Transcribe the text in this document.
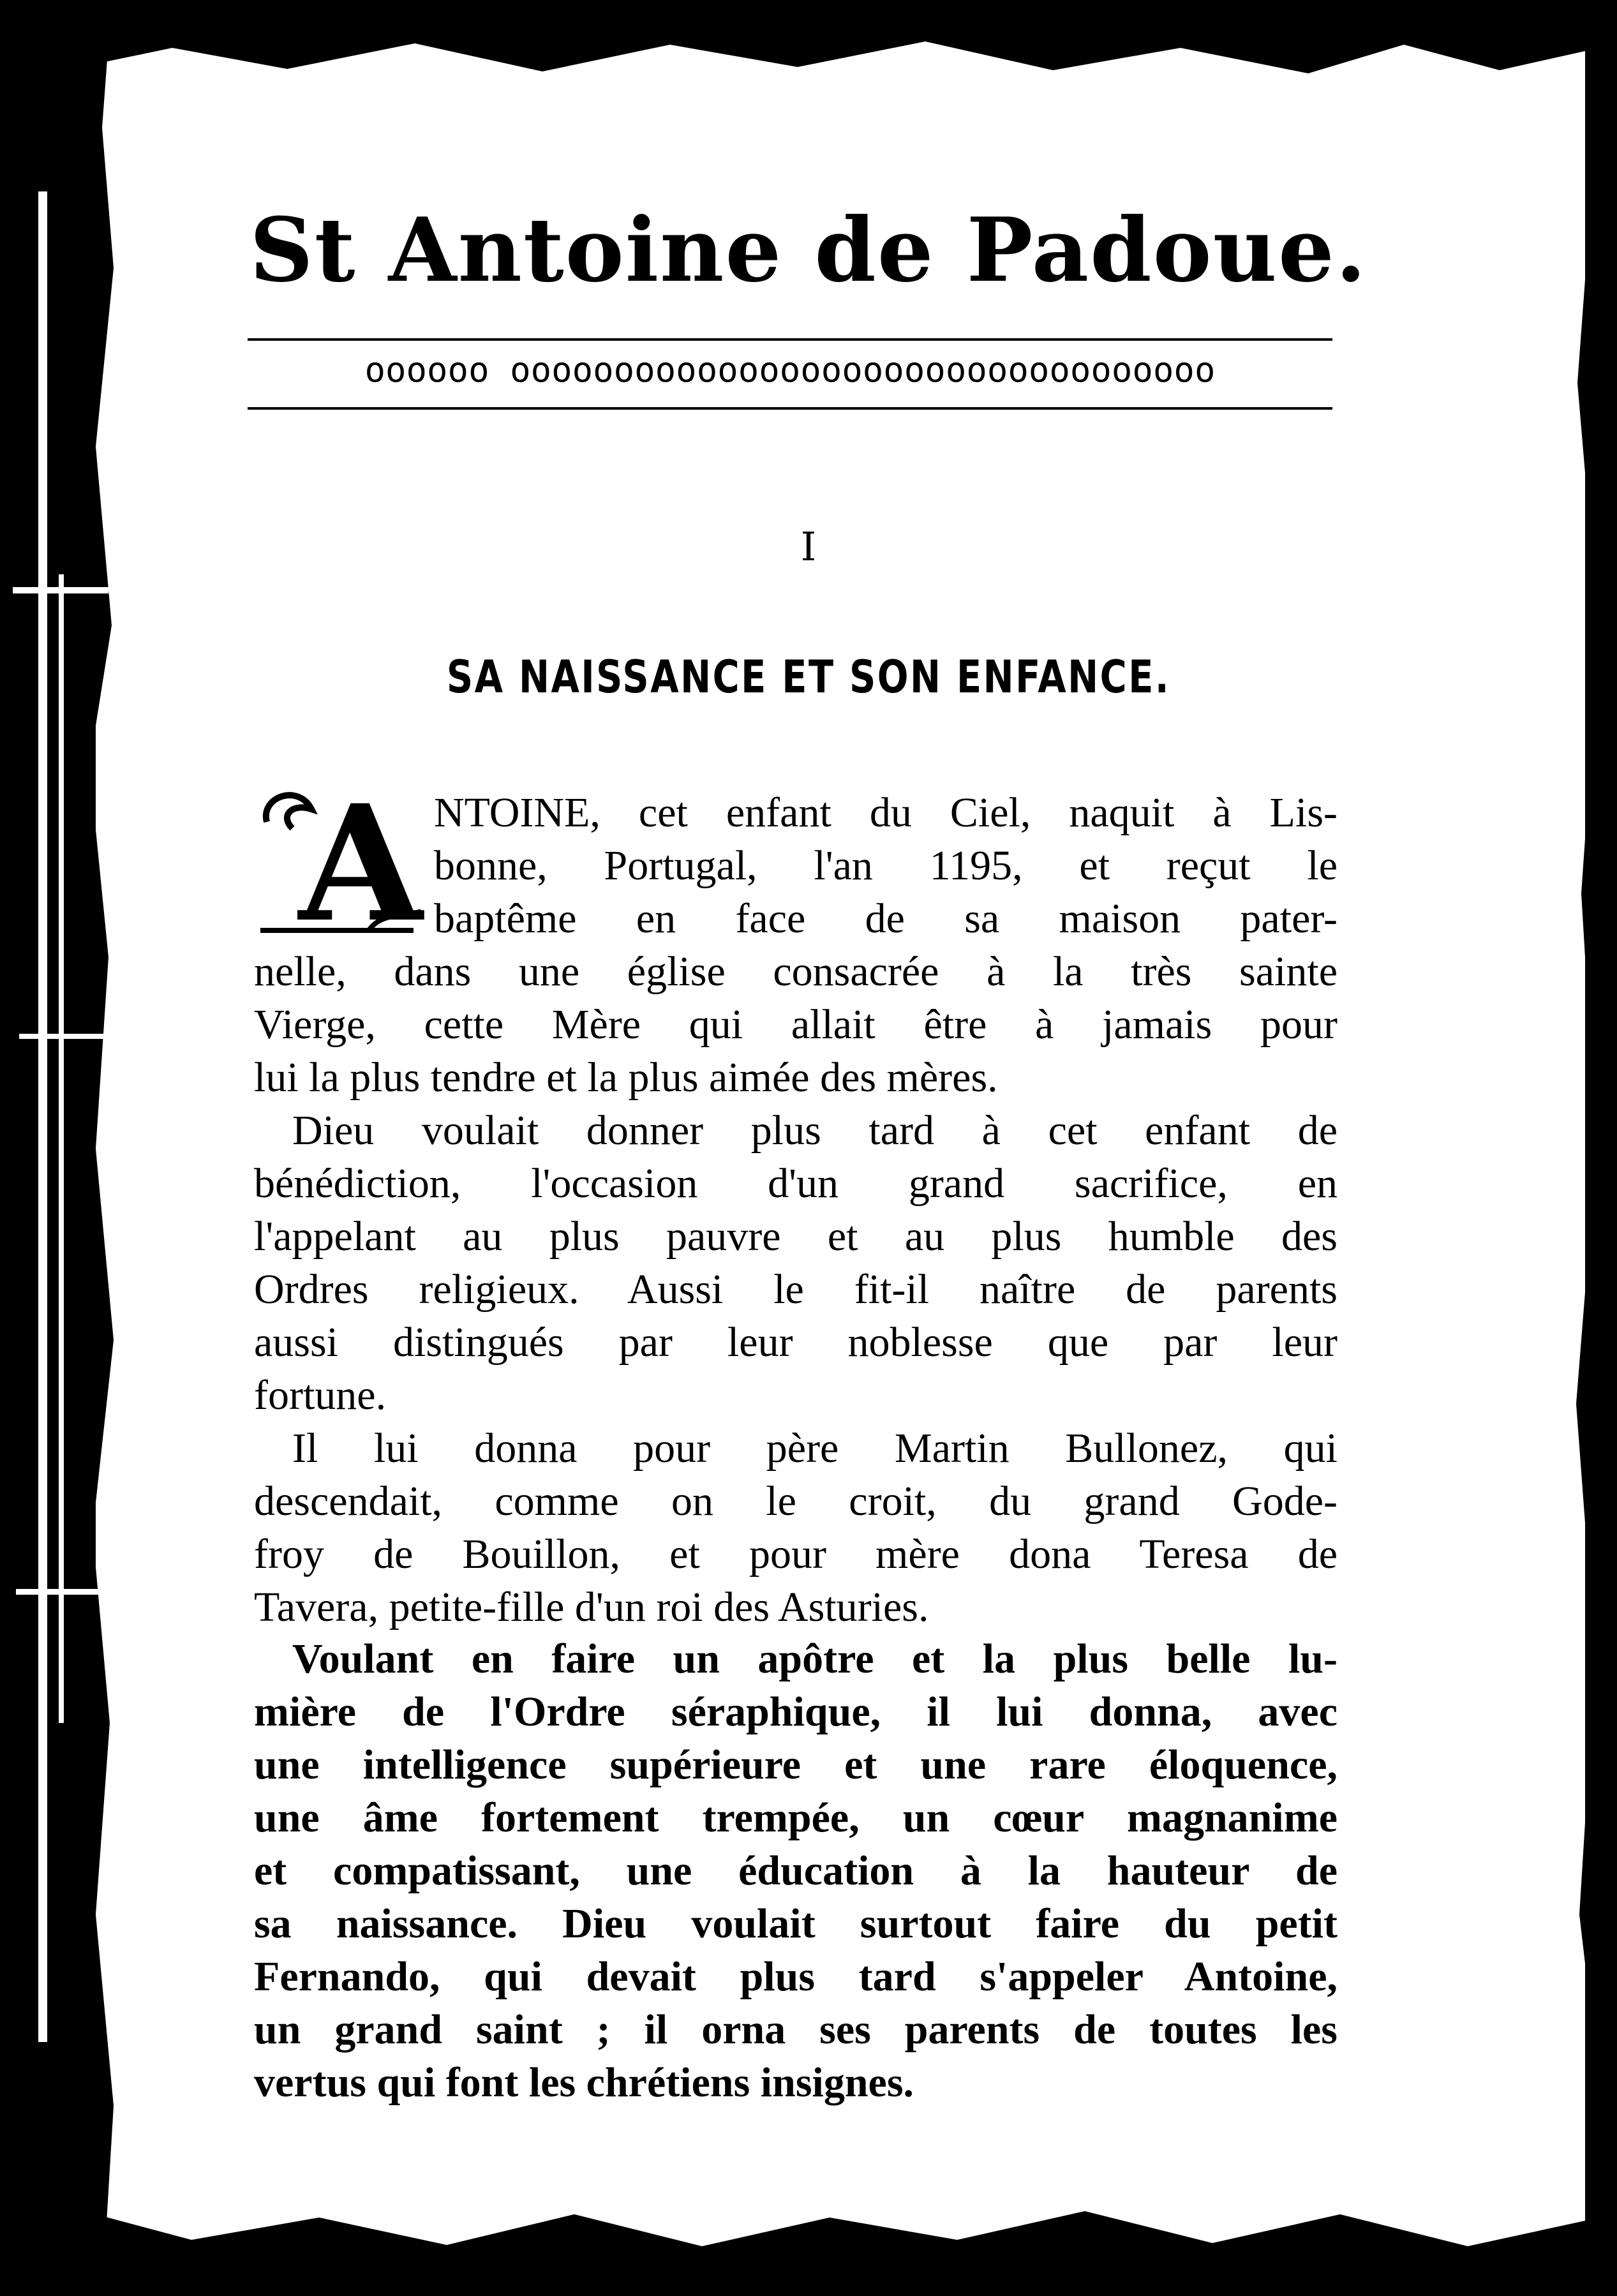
St Antoine de Padoue.
oooooo oooooooooooooooooooooooooooooooooo
I
SA NAISSANCE ET SON ENFANCE.
A NTOINE, cet enfant du Ciel, naquit à Lis-
bonne, Portugal, l'an 1195, et reçut le
baptême en face de sa maison pater-
nelle, dans une église consacrée à la très sainte
Vierge, cette Mère qui allait être à jamais pour
lui la plus tendre et la plus aimée des mères.
Dieu voulait donner plus tard à cet enfant de
bénédiction, l'occasion d'un grand sacrifice, en
l'appelant au plus pauvre et au plus humble des
Ordres religieux. Aussi le fit-il naître de parents
aussi distingués par leur noblesse que par leur
fortune.
Il lui donna pour père Martin Bullonez, qui
descendait, comme on le croit, du grand Gode-
froy de Bouillon, et pour mère dona Teresa de
Tavera, petite-fille d'un roi des Asturies.
Voulant en faire un apôtre et la plus belle lu-
mière de l'Ordre séraphique, il lui donna, avec
une intelligence supérieure et une rare éloquence,
une âme fortement trempée, un cœur magnanime
et compatissant, une éducation à la hauteur de
sa naissance. Dieu voulait surtout faire du petit
Fernando, qui devait plus tard s'appeler Antoine,
un grand saint ; il orna ses parents de toutes les
vertus qui font les chrétiens insignes.
